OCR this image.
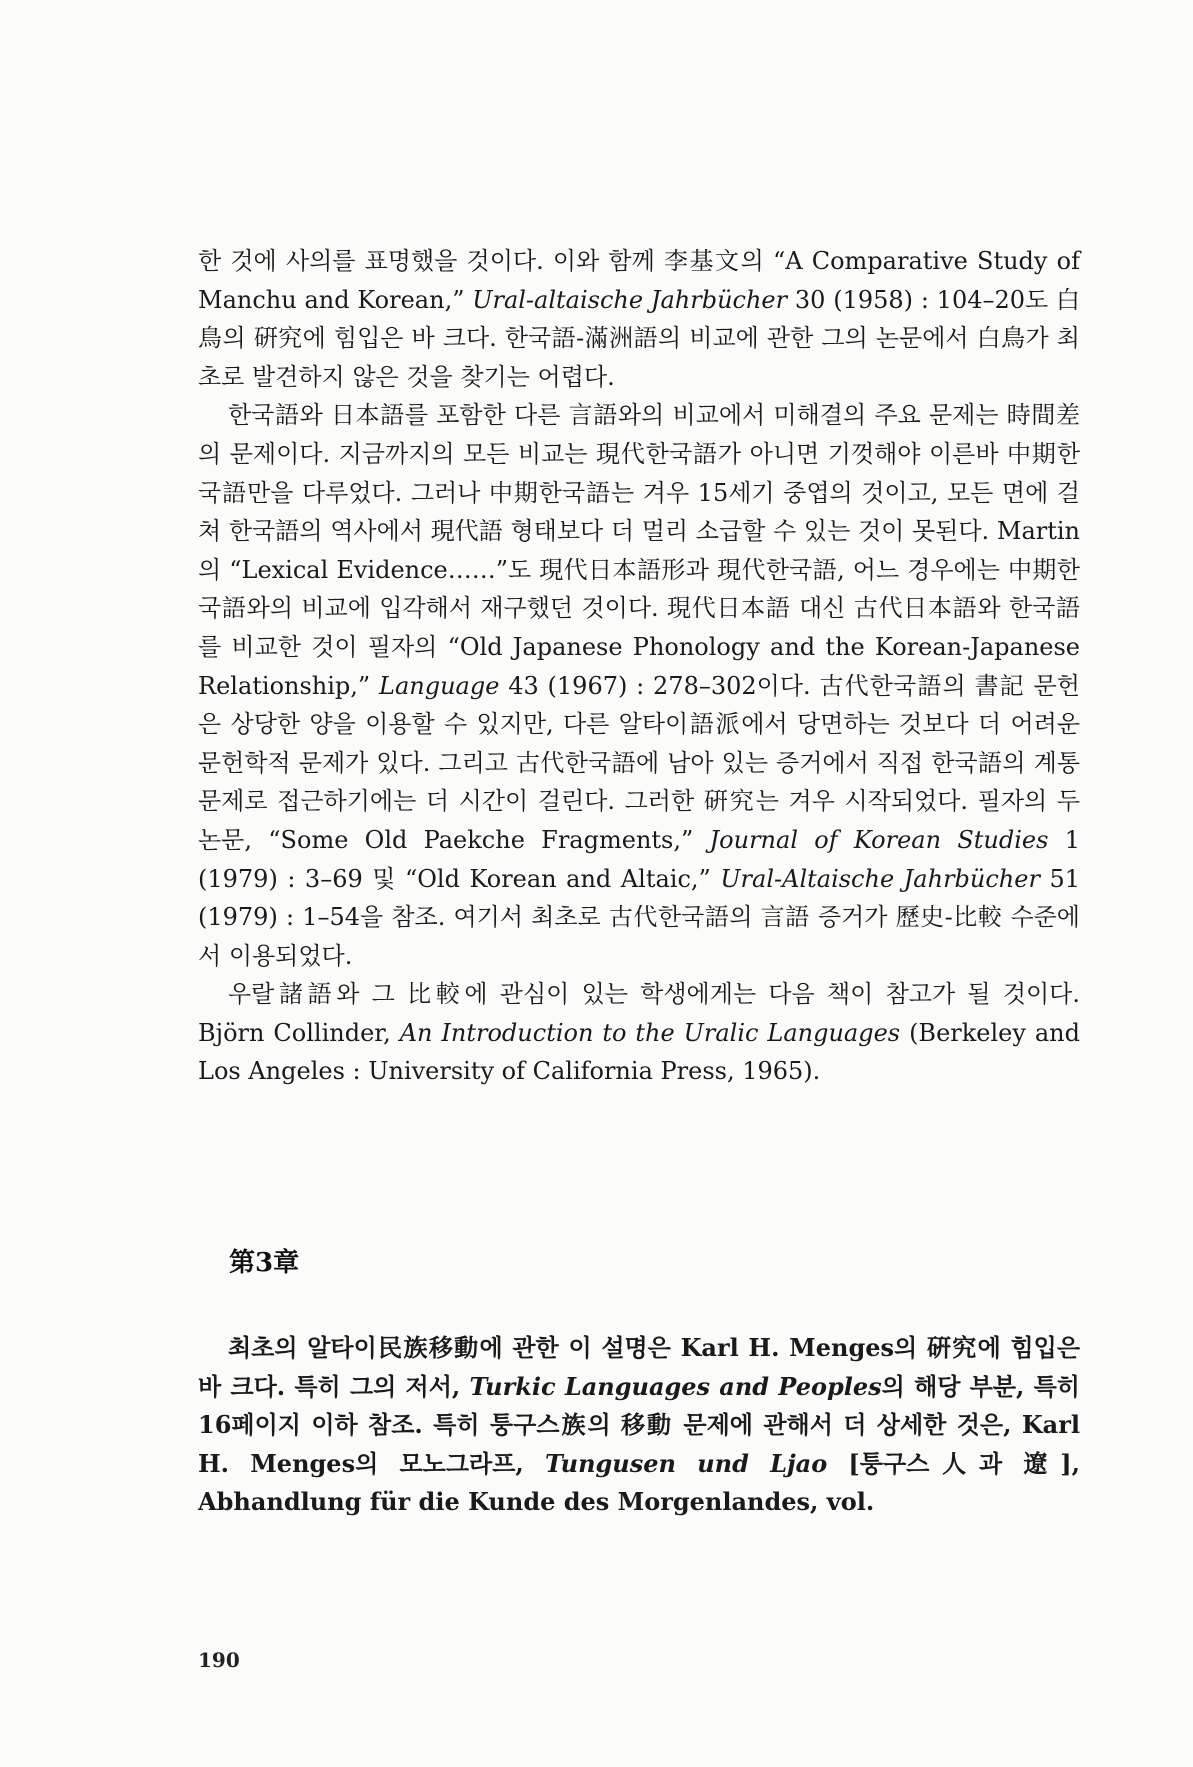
한 것에 사의를 표명했을 것이다. 이와 함께 李基文의 “A Comparative Study of Manchu and Korean,” Ural-altaische Jahrbücher 30 (1958) : 104–20도 白鳥의 硏究에 힘입은 바 크다. 한국語-滿洲語의 비교에 관한 그의 논문에서 白鳥가 최초로 발견하지 않은 것을 찾기는 어렵다.

한국語와 日本語를 포함한 다른 言語와의 비교에서 미해결의 주요 문제는 時間差의 문제이다. 지금까지의 모든 비교는 現代한국語가 아니면 기껏해야 이른바 中期한국語만을 다루었다. 그러나 中期한국語는 겨우 15세기 중엽의 것이고, 모든 면에 걸쳐 한국語의 역사에서 現代語 형태보다 더 멀리 소급할 수 있는 것이 못된다. Martin의 “Lexical Evidence……”도 現代日本語形과 現代한국語, 어느 경우에는 中期한국語와의 비교에 입각해서 재구했던 것이다. 現代日本語 대신 古代日本語와 한국語를 비교한 것이 필자의 “Old Japanese Phonology and the Korean-Japanese Relationship,” Language 43 (1967) : 278–302이다. 古代한국語의 書記 문헌은 상당한 양을 이용할 수 있지만, 다른 알타이語派에서 당면하는 것보다 더 어려운 문헌학적 문제가 있다. 그리고 古代한국語에 남아 있는 증거에서 직접 한국語의 계통 문제로 접근하기에는 더 시간이 걸린다. 그러한 硏究는 겨우 시작되었다. 필자의 두 논문, “Some Old Paekche Fragments,” Journal of Korean Studies 1 (1979) : 3–69 및 “Old Korean and Altaic,” Ural-Altaische Jahrbücher 51 (1979) : 1–54을 참조. 여기서 최초로 古代한국語의 言語 증거가 歷史-比較 수준에서 이용되었다.

우랄諸語와 그 比較에 관심이 있는 학생에게는 다음 책이 참고가 될 것이다. Björn Collinder, An Introduction to the Uralic Languages (Berkeley and Los Angeles : University of California Press, 1965).

第3章

최초의 알타이民族移動에 관한 이 설명은 Karl H. Menges의 硏究에 힘입은 바 크다. 특히 그의 저서, Turkic Languages and Peoples의 해당 부분, 특히 16페이지 이하 참조. 특히 퉁구스族의 移動 문제에 관해서 더 상세한 것은, Karl H. Menges의 모노그라프, Tungusen und Ljao [퉁구스人과 遼], Abhandlung für die Kunde des Morgenlandes, vol.

190
